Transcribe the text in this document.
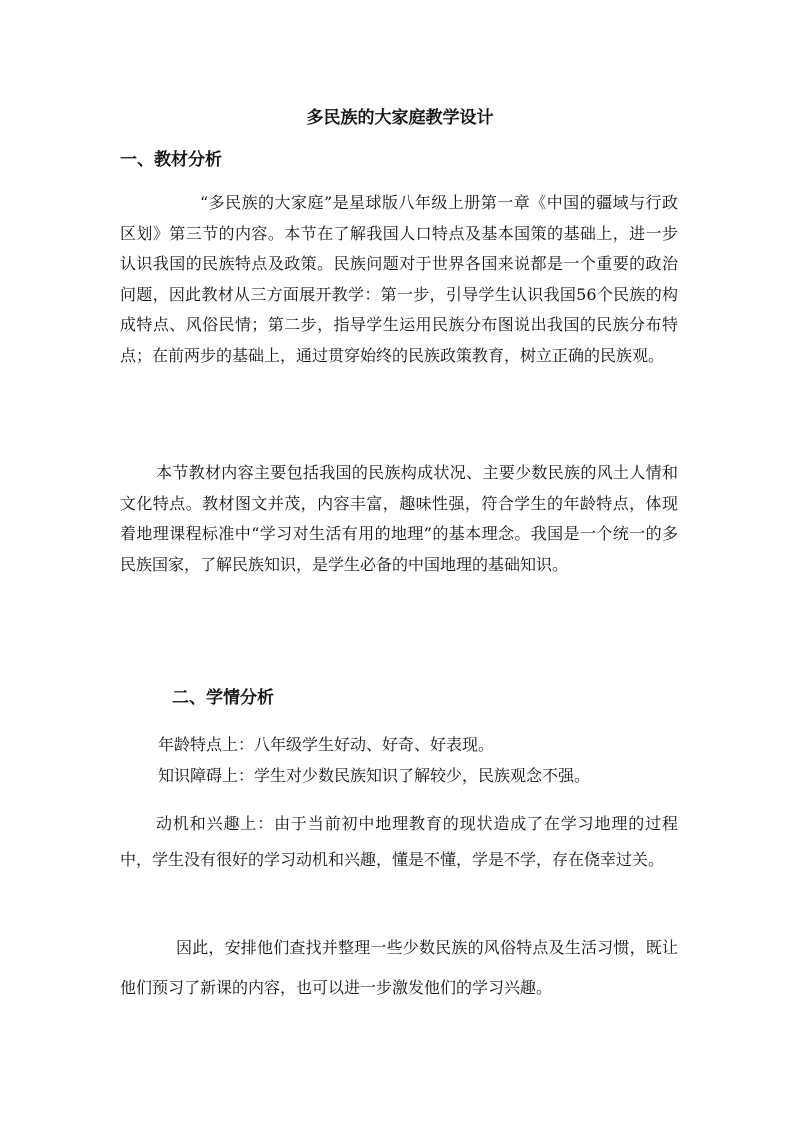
多民族的大家庭教学设计
一、教材分析

“多民族的大家庭”是星球版八年级上册第一章《中国的疆域与行政区划》第三节的内容。本节在了解我国人口特点及基本国策的基础上，进一步认识我国的民族特点及政策。民族问题对于世界各国来说都是一个重要的政治问题，因此教材从三方面展开教学：第一步，引导学生认识我国56个民族的构成特点、风俗民情；第二步，指导学生运用民族分布图说出我国的民族分布特点；在前两步的基础上，通过贯穿始终的民族政策教育，树立正确的民族观。

本节教材内容主要包括我国的民族构成状况、主要少数民族的风土人情和文化特点。教材图文并茂，内容丰富，趣味性强，符合学生的年龄特点，体现着地理课程标准中“学习对生活有用的地理”的基本理念。我国是一个统一的多民族国家，了解民族知识，是学生必备的中国地理的基础知识。

二、学情分析

年龄特点上：八年级学生好动、好奇、好表现。

知识障碍上：学生对少数民族知识了解较少，民族观念不强。

动机和兴趣上：由于当前初中地理教育的现状造成了在学习地理的过程中，学生没有很好的学习动机和兴趣，懂是不懂，学是不学，存在侥幸过关。

因此，安排他们查找并整理一些少数民族的风俗特点及生活习惯，既让他们预习了新课的内容，也可以进一步激发他们的学习兴趣。
